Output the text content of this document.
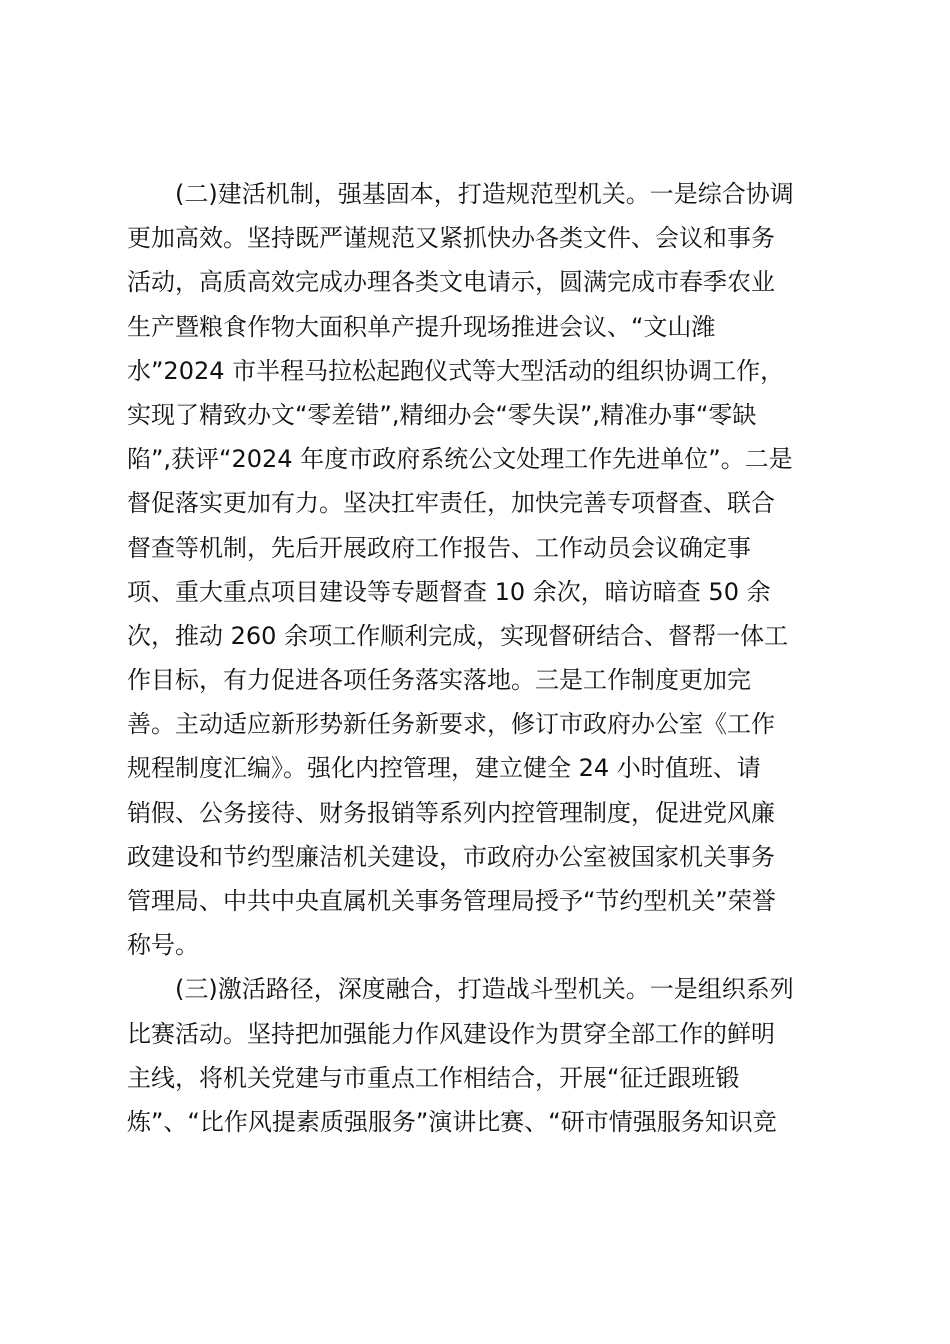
(二)建活机制，强基固本，打造规范型机关。一是综合协调
更加高效。坚持既严谨规范又紧抓快办各类文件、会议和事务
活动，高质高效完成办理各类文电请示，圆满完成市春季农业
生产暨粮食作物大面积单产提升现场推进会议、“文山潍
水”2024 市半程马拉松起跑仪式等大型活动的组织协调工作，
实现了精致办文“零差错”,精细办会“零失误”,精准办事“零缺
陷”,获评“2024 年度市政府系统公文处理工作先进单位”。二是
督促落实更加有力。坚决扛牢责任，加快完善专项督查、联合
督查等机制，先后开展政府工作报告、工作动员会议确定事
项、重大重点项目建设等专题督查 10 余次，暗访暗查 50 余
次，推动 260 余项工作顺利完成，实现督研结合、督帮一体工
作目标，有力促进各项任务落实落地。三是工作制度更加完
善。主动适应新形势新任务新要求，修订市政府办公室《工作
规程制度汇编》。强化内控管理，建立健全 24 小时值班、请
销假、公务接待、财务报销等系列内控管理制度，促进党风廉
政建设和节约型廉洁机关建设，市政府办公室被国家机关事务
管理局、中共中央直属机关事务管理局授予“节约型机关”荣誉
称号。
(三)激活路径，深度融合，打造战斗型机关。一是组织系列
比赛活动。坚持把加强能力作风建设作为贯穿全部工作的鲜明
主线，将机关党建与市重点工作相结合，开展“征迁跟班锻
炼”、“比作风提素质强服务”演讲比赛、“研市情强服务知识竞
